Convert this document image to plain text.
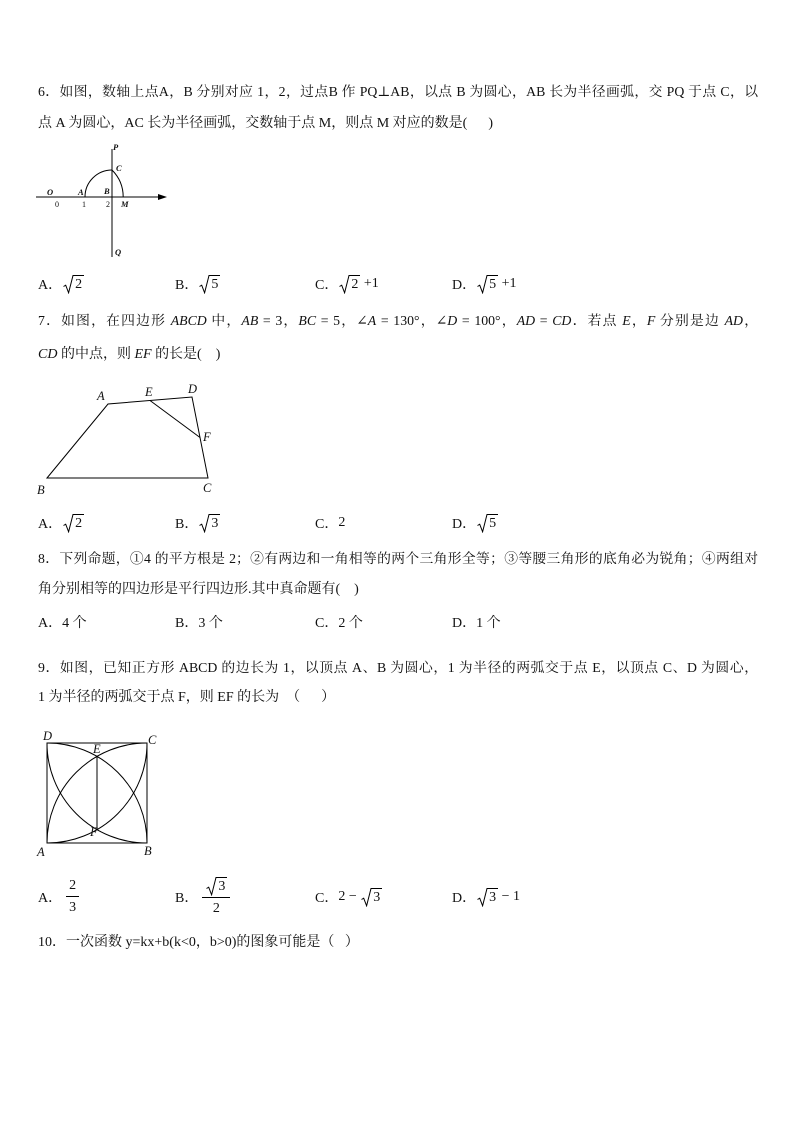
6．如图，数轴上点A，B 分别对应 1，2，过点B 作 PQ⊥AB，以点 B 为圆心，AB 长为半径画弧，交 PQ 于点 C，以
点 A 为圆心，AC 长为半径画弧，交数轴于点 M，则点 M 对应的数是(      )
P
C
O	A B
0	1	2 M
Q
A． 2	B． 5	C． 2 +1	D． 5 +1
7．如图，在四边形 ABCD 中，AB = 3，BC = 5，∠A = 130°，∠D = 100°，AD = CD．若点 E，F 分别是边 AD，
CD 的中点，则 EF 的长是(    )
A	E	D
F
C
B
A． 2	B． 3	C． 2	D． 5
8．下列命题，①4 的平方根是 2；②有两边和一角相等的两个三角形全等；③等腰三角形的底角必为锐角；④两组对
角分别相等的四边形是平行四边形.其中真命题有(    )
A． 4 个	B． 3 个	C． 2 个	D． 1 个
9．如图，已知正方形 ABCD 的边长为 1，以顶点 A、B 为圆心，1 为半径的两弧交于点 E，以顶点 C、D 为圆心，
1 为半径的两弧交于点 F，则 EF 的长为  （      ）
D	C
E
F
A	B
A． $\frac{2}{3}$	B． $\frac{3}{2}$	C． 2 − 3	D． 3 − 1
10．一次函数 y=kx+b(k<0，b>0)的图象可能是（   ）
